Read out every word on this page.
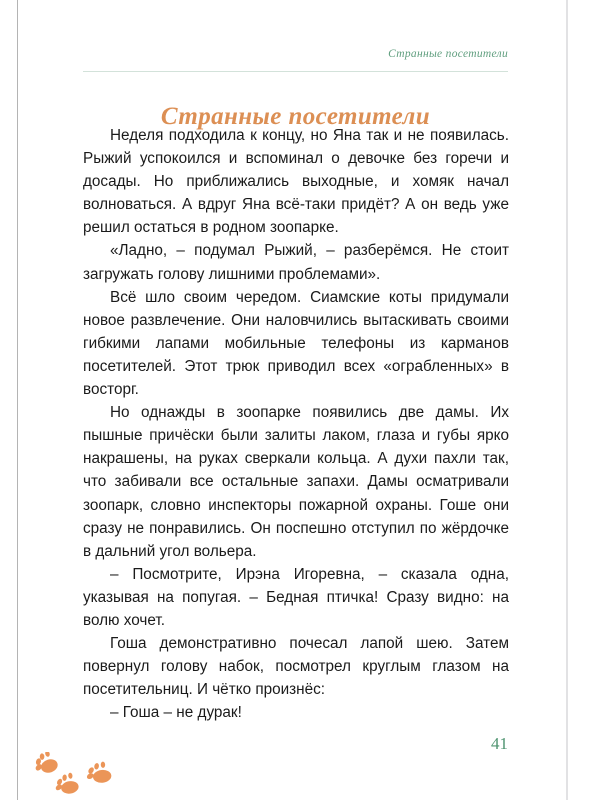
Странные посетители
Странные посетители

Неделя подходила к концу, но Яна так и не появилась. Рыжий успокоился и вспоминал о девочке без горечи и досады. Но приближались выходные, и хомяк начал волноваться. А вдруг Яна всё-таки придёт? А он ведь уже решил остаться в родном зоопарке.

«Ладно, – подумал Рыжий, – разберёмся. Не стоит загружать голову лишними проблемами».

Всё шло своим чередом. Сиамские коты придумали новое развлечение. Они наловчились вытаскивать своими гибкими лапами мобильные телефоны из карманов посетителей. Этот трюк приводил всех «ограбленных» в восторг.

Но однажды в зоопарке появились две дамы. Их пышные причёски были залиты лаком, глаза и губы ярко накрашены, на руках сверкали кольца. А духи пахли так, что забивали все остальные запахи. Дамы осматривали зоопарк, словно инспекторы пожарной охраны. Гоше они сразу не понравились. Он поспешно отступил по жёрдочке в дальний угол вольера.

– Посмотрите, Ирэна Игоревна, – сказала одна, указывая на попугая. – Бедная птичка! Сразу видно: на волю хочет.

Гоша демонстративно почесал лапой шею. Затем повернул голову набок, посмотрел круглым глазом на посетительниц. И чётко произнёс:

– Гоша – не дурак!

41
